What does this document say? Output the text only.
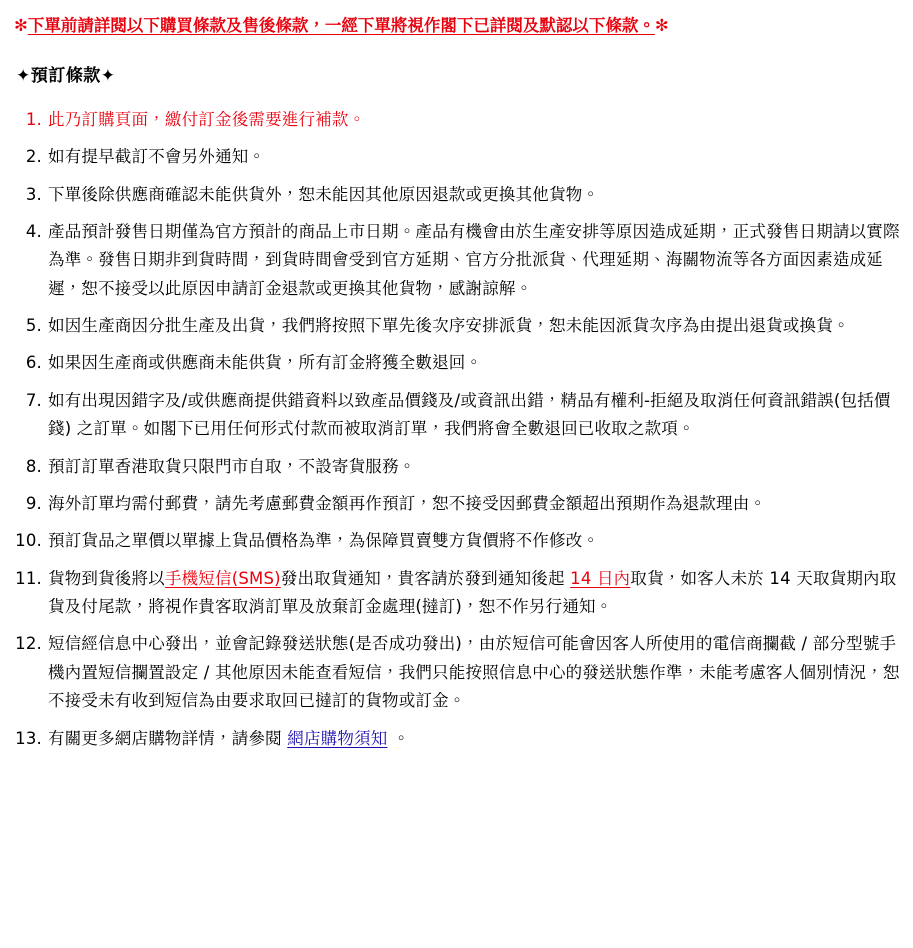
✻下單前請詳閱以下購買條款及售後條款，一經下單將視作閣下已詳閱及默認以下條款。✻

✦預訂條款✦
1. 此乃訂購頁面，繳付訂金後需要進行補款。
2. 如有提早截訂不會另外通知。
3. 下單後除供應商確認未能供貨外，恕未能因其他原因退款或更換其他貨物。
4. 產品預計發售日期僅為官方預計的商品上市日期。產品有機會由於生產安排等原因造成延期，正式發售日期請以實際為準。發售日期非到貨時間，到貨時間會受到官方延期、官方分批派貨、代理延期、海關物流等各方面因素造成延遲，恕不接受以此原因申請訂金退款或更換其他貨物，感謝諒解。
5. 如因生產商因分批生產及出貨，我們將按照下單先後次序安排派貨，恕未能因派貨次序為由提出退貨或換貨。
6. 如果因生產商或供應商未能供貨，所有訂金將獲全數退回。
7. 如有出現因錯字及/或供應商提供錯資料以致產品價錢及/或資訊出錯，精品有權利-拒絕及取消任何資訊錯誤(包括價錢) 之訂單。如閣下已用任何形式付款而被取消訂單，我們將會全數退回已收取之款項。
8. 預訂訂單香港取貨只限門市自取，不設寄貨服務。
9. 海外訂單均需付郵費，請先考慮郵費金額再作預訂，恕不接受因郵費金額超出預期作為退款理由。
10. 預訂貨品之單價以單據上貨品價格為準，為保障買賣雙方貨價將不作修改。
11. 貨物到貨後將以手機短信(SMS)發出取貨通知，貴客請於發到通知後起 14 日內取貨，如客人未於 14 天取貨期內取貨及付尾款，將視作貴客取消訂單及放棄訂金處理(撻訂)，恕不作另行通知。
12. 短信經信息中心發出，並會記錄發送狀態(是否成功發出)，由於短信可能會因客人所使用的電信商攔截 / 部分型號手機內置短信攔置設定 / 其他原因未能查看短信，我們只能按照信息中心的發送狀態作準，未能考慮客人個別情況，恕不接受未有收到短信為由要求取回已撻訂的貨物或訂金。
13. 有關更多網店購物詳情，請參閱 網店購物須知 。
